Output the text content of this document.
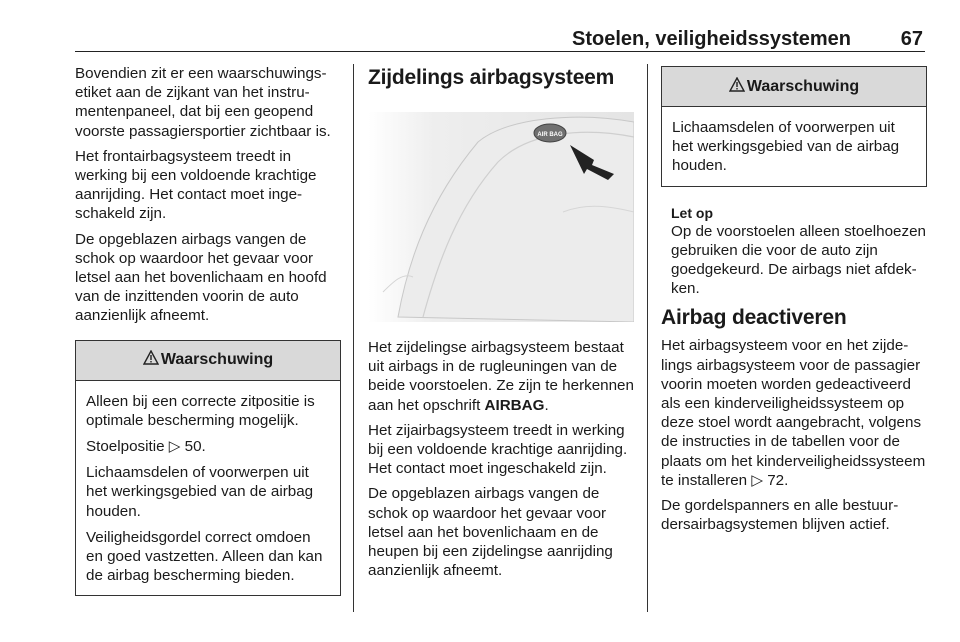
Stoelen, veiligheidssystemen 67

Bovendien zit er een waarschuwingsetiket aan de zijkant van het instrumentenpaneel, dat bij een geopend voorste passagiersportier zichtbaar is.

Het frontairbagsysteem treedt in werking bij een voldoende krachtige aanrijding. Het contact moet ingeschakeld zijn.

De opgeblazen airbags vangen de schok op waardoor het gevaar voor letsel aan het bovenlichaam en hoofd van de inzittenden voorin de auto aanzienlijk afneemt.

Waarschuwing

Alleen bij een correcte zitpositie is optimale bescherming mogelijk.

Stoelpositie ▷ 50.

Lichaamsdelen of voorwerpen uit het werkingsgebied van de airbag houden.

Veiligheidsgordel correct omdoen en goed vastzetten. Alleen dan kan de airbag bescherming bieden.

Zijdelings airbagsysteem
AIR BAG

Het zijdelingse airbagsysteem bestaat uit airbags in de rugleuningen van de beide voorstoelen. Ze zijn te herkennen aan het opschrift AIRBAG.

Het zijairbagsysteem treedt in werking bij een voldoende krachtige aanrijding. Het contact moet ingeschakeld zijn.

De opgeblazen airbags vangen de schok op waardoor het gevaar voor letsel aan het bovenlichaam en de heupen bij een zijdelingse aanrijding aanzienlijk afneemt.

Waarschuwing

Lichaamsdelen of voorwerpen uit het werkingsgebied van de airbag houden.

Let op

Op de voorstoelen alleen stoelhoezen gebruiken die voor de auto zijn goedgekeurd. De airbags niet afdekken.

Airbag deactiveren

Het airbagsysteem voor en het zijdelings airbagsysteem voor de passagier voorin moeten worden gedeactiveerd als een kinderveiligheidssysteem op deze stoel wordt aangebracht, volgens de instructies in de tabellen voor de plaats om het kinderveiligheidssysteem te installeren ▷ 72.

De gordelspanners en alle bestuurdersairbagsystemen blijven actief.
